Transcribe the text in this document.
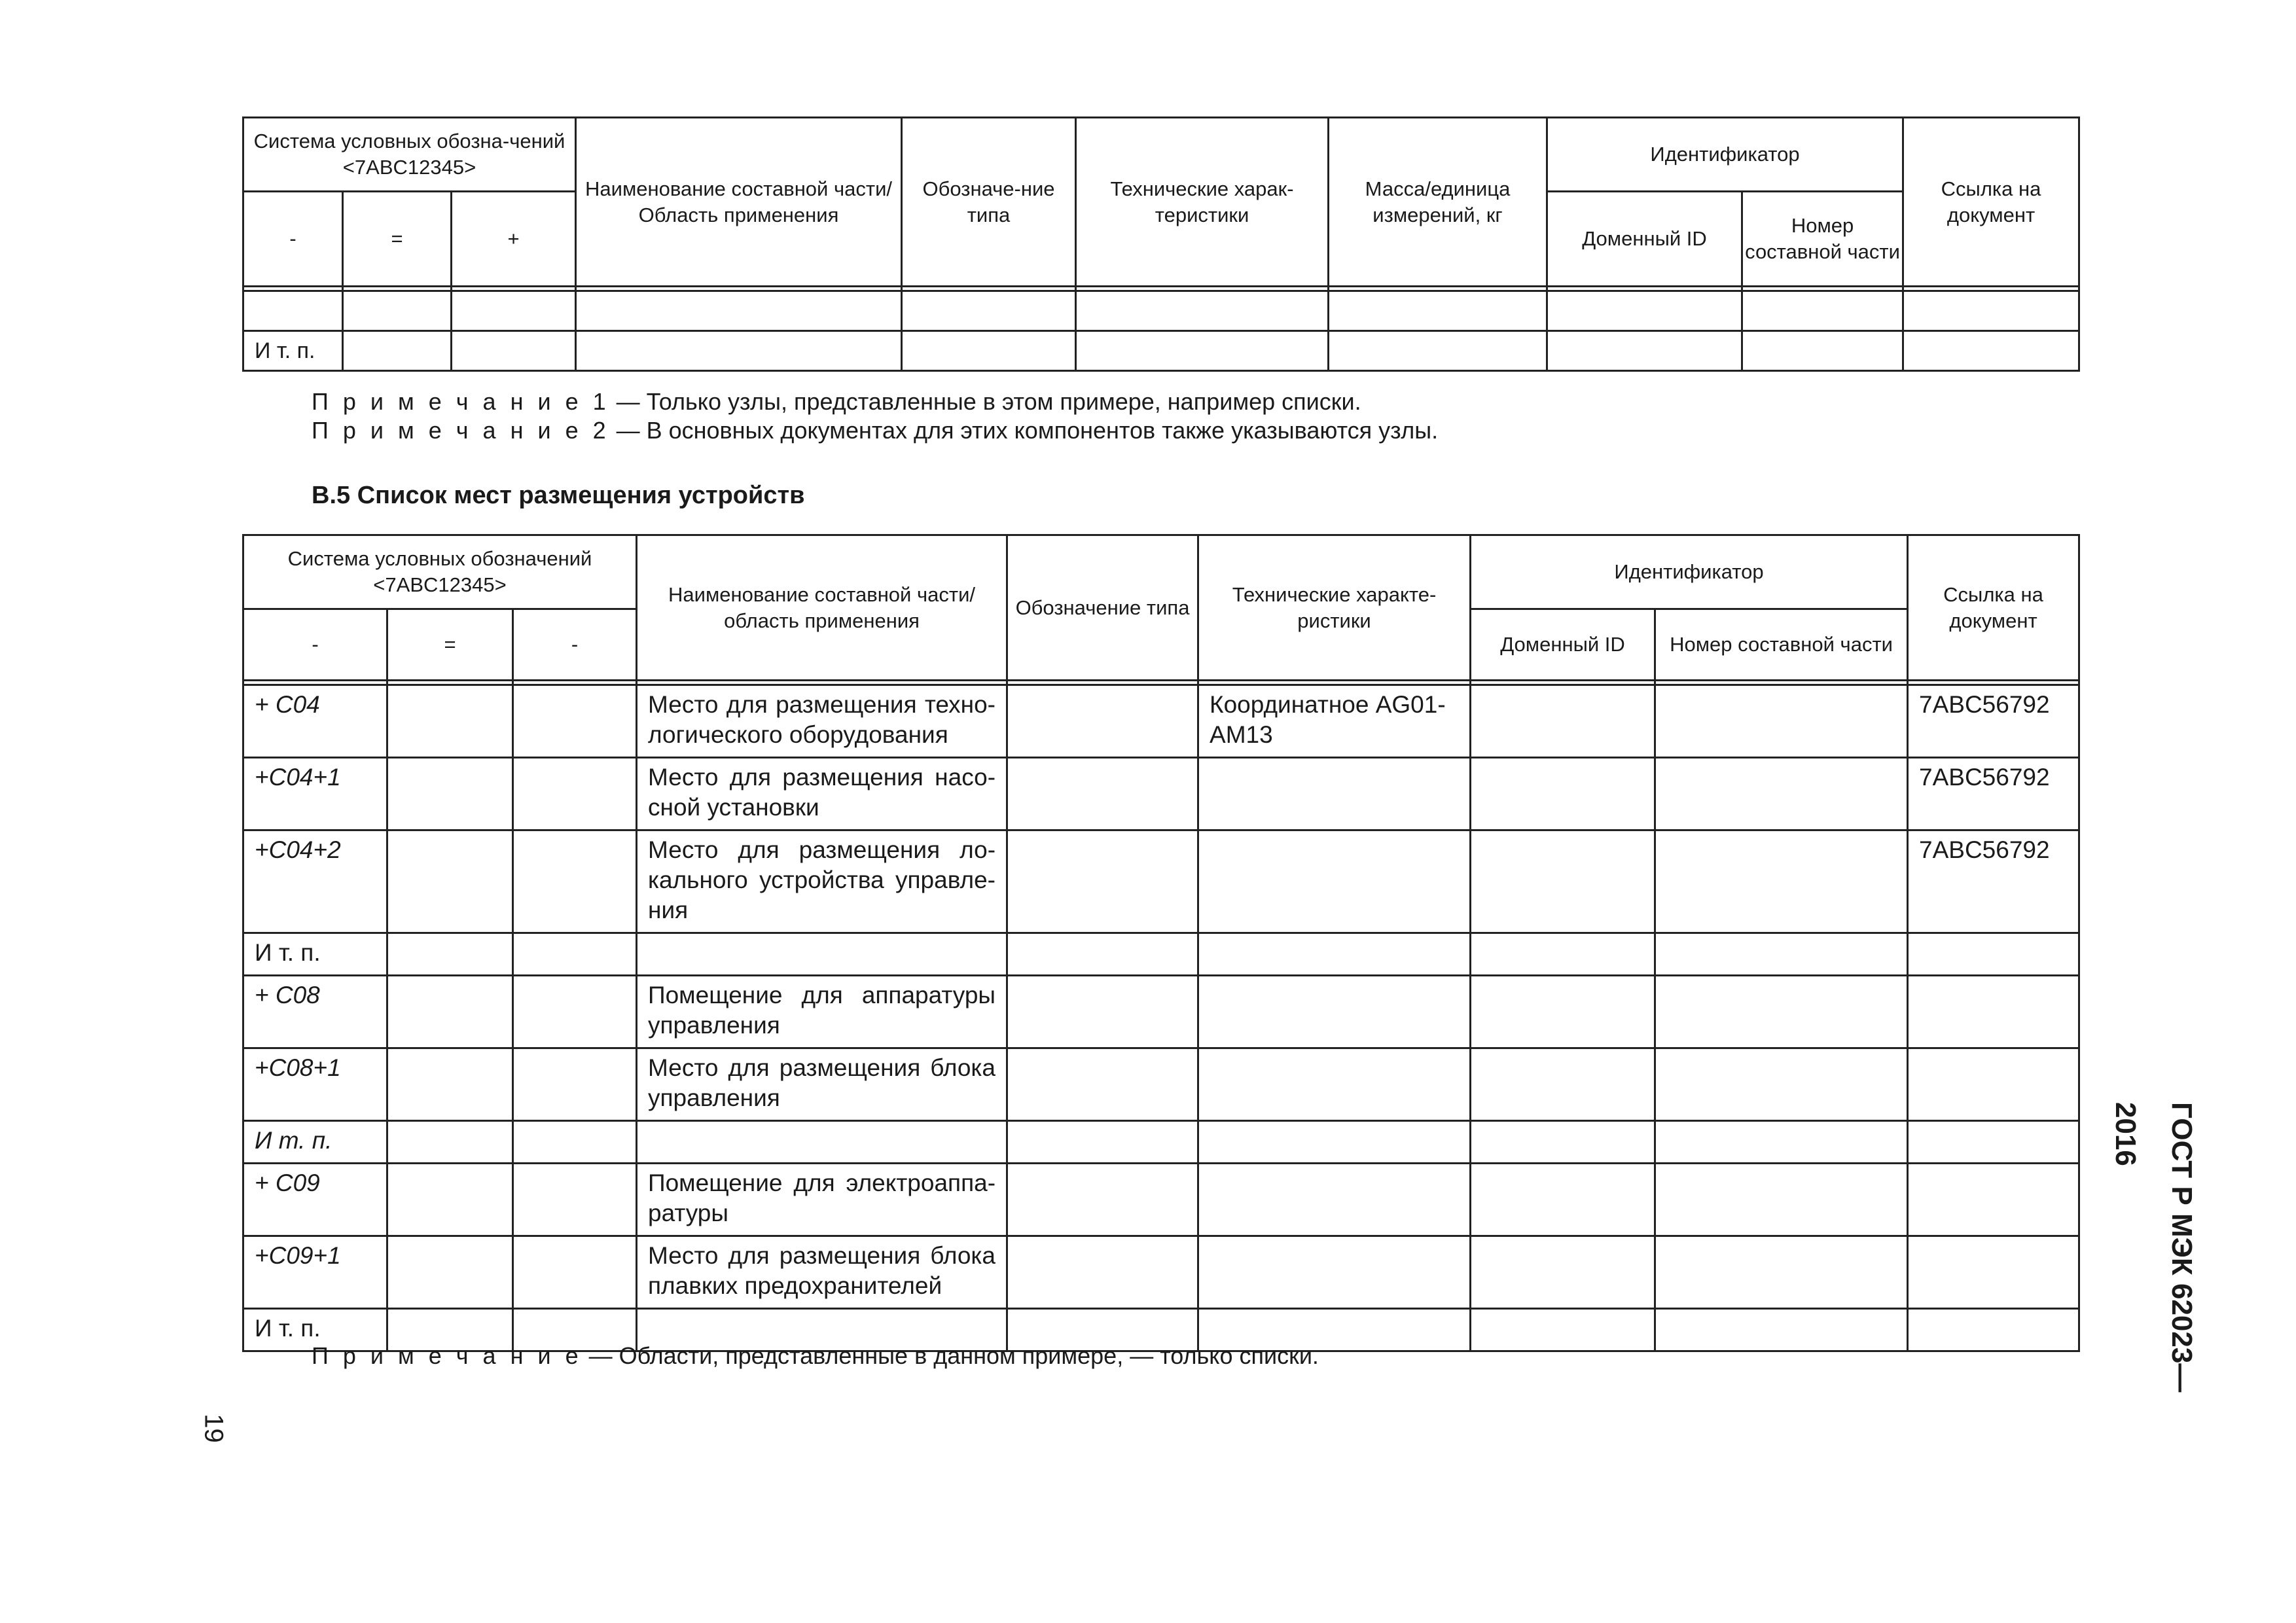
Система условных обозна-чений <7ABC12345>			Наименование составной части/Область применения	Обозначе-ние типа	Технические харак-теристики	Масса/единица измерений, кг	Идентификатор		Ссылка на документ
-	=	+					Доменный ID	Номер составной части	

И т. п.									
П р и м е ч а н и е 1 — Только узлы, представленные в этом примере, например списки.
П р и м е ч а н и е 2 — В основных документах для этих компонентов также указываются узлы.
В.5 Список мест размещения устройств
Система условных обозначений <7ABC12345>			Наименование составной части/область применения	Обозначение типа	Технические характе-ристики	Идентификатор		Ссылка на документ
-	=	-				Доменный ID	Номер составной части	

+ C04			Место для размещения техно-логического оборудования		Координатное AG01-AM13			7ABC56792
+C04+1			Место для размещения насо-сной установки					7ABC56792
+C04+2			Место для размещения ло-кального устройства управле-ния					7ABC56792
И т. п.								
+ C08			Помещение для аппаратуры управления					
+C08+1			Место для размещения блока управления					
И т. п.								
+ C09			Помещение для электроаппа-ратуры					
+C09+1			Место для размещения блока плавких предохранителей					
И т. п.								
П р и м е ч а н и е — Области, представленные в данном примере, — только списки.	ГОСТ Р МЭК 62023—2016
19
